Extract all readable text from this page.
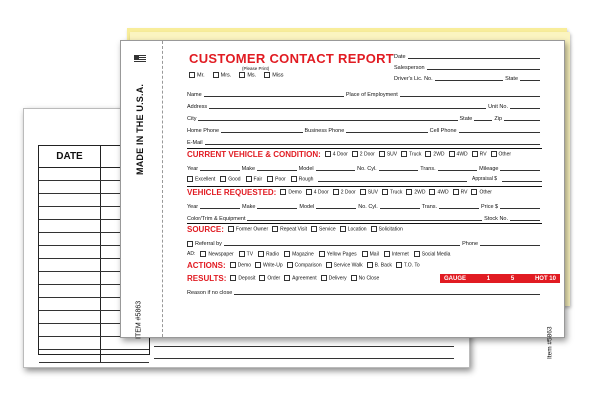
DATE	MADE IN THE U.S.A.
ITEM #5863
Item #5863
CUSTOMER CONTACT REPORT
(Please Print)
Mr.	Mrs.	Ms.	Miss
Date
Salesperson
Driver's Lic. No.	State
Name	Place of Employment
Address	Unit No.
City	State	Zip
Home Phone	Business Phone	Cell Phone
E-Mail
CURRENT VEHICLE & CONDITION:	4 Door	2 Door	SUV	Truck	2WD	4WD	RV	Other
Year	Make	Model	No. Cyl.	Trans.	Mileage
Excellent	Good	Fair	Poor	Rough	Appraisal $
VEHICLE REQUESTED:	Demo	4 Door	2 Door	SUV	Truck	2WD	4WD	RV	Other
Year	Make	Model	No. Cyl.	Trans.	Price $
Color/Trim & Equipment	Stock No.
SOURCE:	Former Owner	Repeat Visit	Service	Location	Solicitation
Referral by	Phone
AD:	Newspaper	TV	Radio	Magazine	Yellow Pages	Mail	Internet	Social Media
ACTIONS:	Demo	Write-Up	Comparison	Service Walk	B. Back	T.O. To
RESULTS:	Deposit	Order	Agreement	Delivery	No Close
Reason if no close
GAUGE	1	5	HOT 10
